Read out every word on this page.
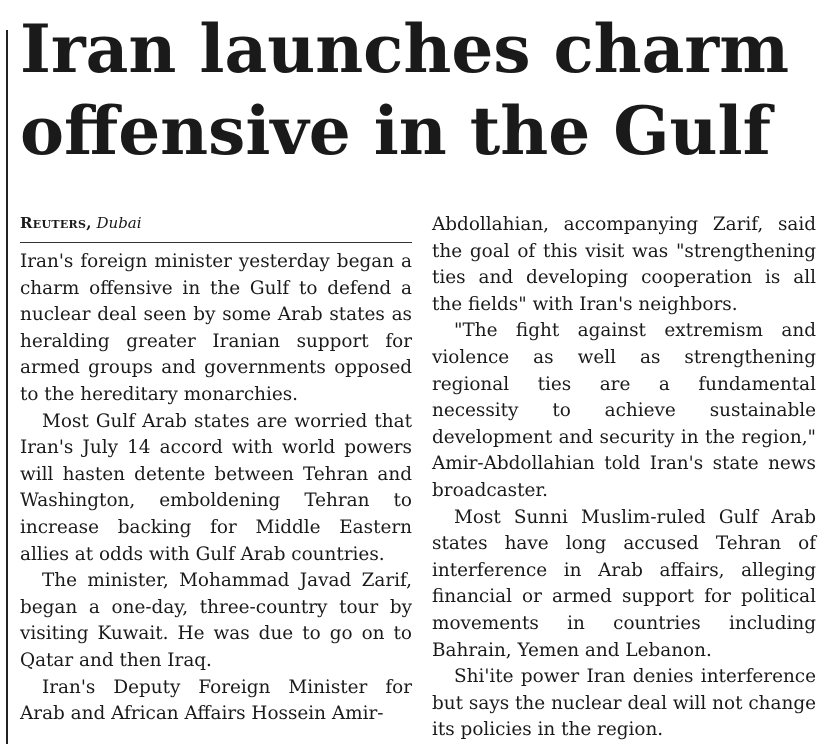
Iran launches charm offensive in the Gulf
Reuters, Dubai

Iran's foreign minister yesterday began a charm offensive in the Gulf to defend a nuclear deal seen by some Arab states as heralding greater Iranian support for armed groups and governments opposed to the hereditary monarchies.

Most Gulf Arab states are worried that Iran's July 14 accord with world powers will hasten detente between Tehran and Washington, emboldening Tehran to increase backing for Middle Eastern allies at odds with Gulf Arab countries.

The minister, Mohammad Javad Zarif, began a one-day, three-country tour by visiting Kuwait. He was due to go on to Qatar and then Iraq.

Iran's Deputy Foreign Minister for Arab and African Affairs Hossein Amir-

Abdollahian, accompanying Zarif, said the goal of this visit was "strengthening ties and developing cooperation is all the fields" with Iran's neighbors.

"The fight against extremism and violence as well as strengthening regional ties are a fundamental necessity to achieve sustainable development and security in the region," Amir-Abdollahian told Iran's state news broadcaster.

Most Sunni Muslim-ruled Gulf Arab states have long accused Tehran of interference in Arab affairs, alleging financial or armed support for political movements in countries including Bahrain, Yemen and Lebanon.

Shi'ite power Iran denies interference but says the nuclear deal will not change its policies in the region.
